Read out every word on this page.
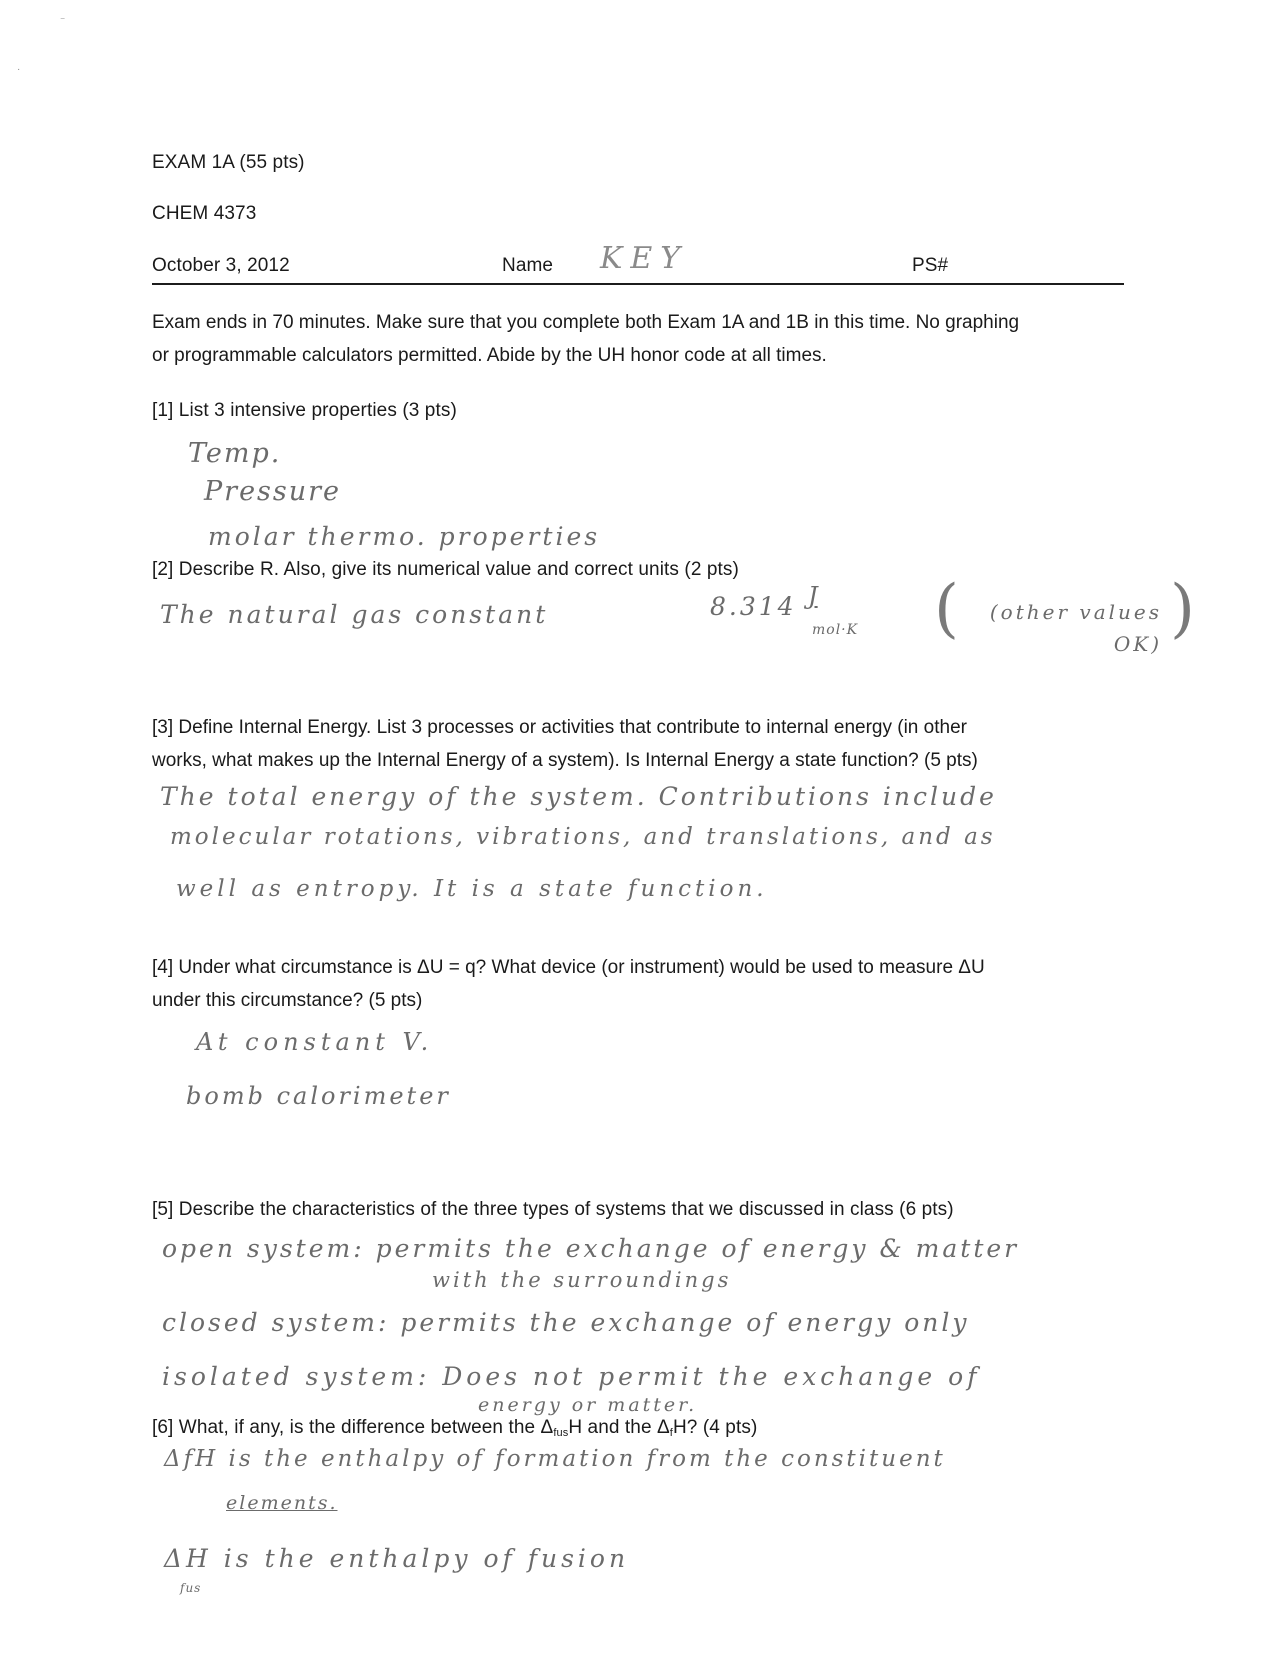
⁻
·
EXAM 1A (55 pts)
CHEM 4373
October 3, 2012	Name KEY	PS#
Exam ends in 70 minutes. Make sure that you complete both Exam 1A and 1B in this time. No graphing
or programmable calculators permitted. Abide by the UH honor code at all times.
[1] List 3 intensive properties (3 pts)
Temp.
Pressure
molar thermo. properties
[2] Describe R. Also, give its numerical value and correct units (2 pts)
The natural gas constant	8.314 J
mol·K (	(other values OK) )
[3] Define Internal Energy. List 3 processes or activities that contribute to internal energy (in other
works, what makes up the Internal Energy of a system). Is Internal Energy a state function? (5 pts)
The total energy of the system. Contributions include
molecular rotations, vibrations, and translations, and as
well as entropy. It is a state function.
[4] Under what circumstance is ΔU = q? What device (or instrument) would be used to measure ΔU
under this circumstance? (5 pts)
At constant V.
bomb calorimeter
[5] Describe the characteristics of the three types of systems that we discussed in class (6 pts)
open system: permits the exchange of energy & matter
with the surroundings
closed system: permits the exchange of energy only
isolated system: Does not permit the exchange of
energy or matter.
[6] What, if any, is the difference between the $\Delta_{fus}H$ and the $\Delta_fH$? (4 pts)
ΔfH is the enthalpy of formation from the constituent
elements.
ΔH is the enthalpy of fusion
fus
